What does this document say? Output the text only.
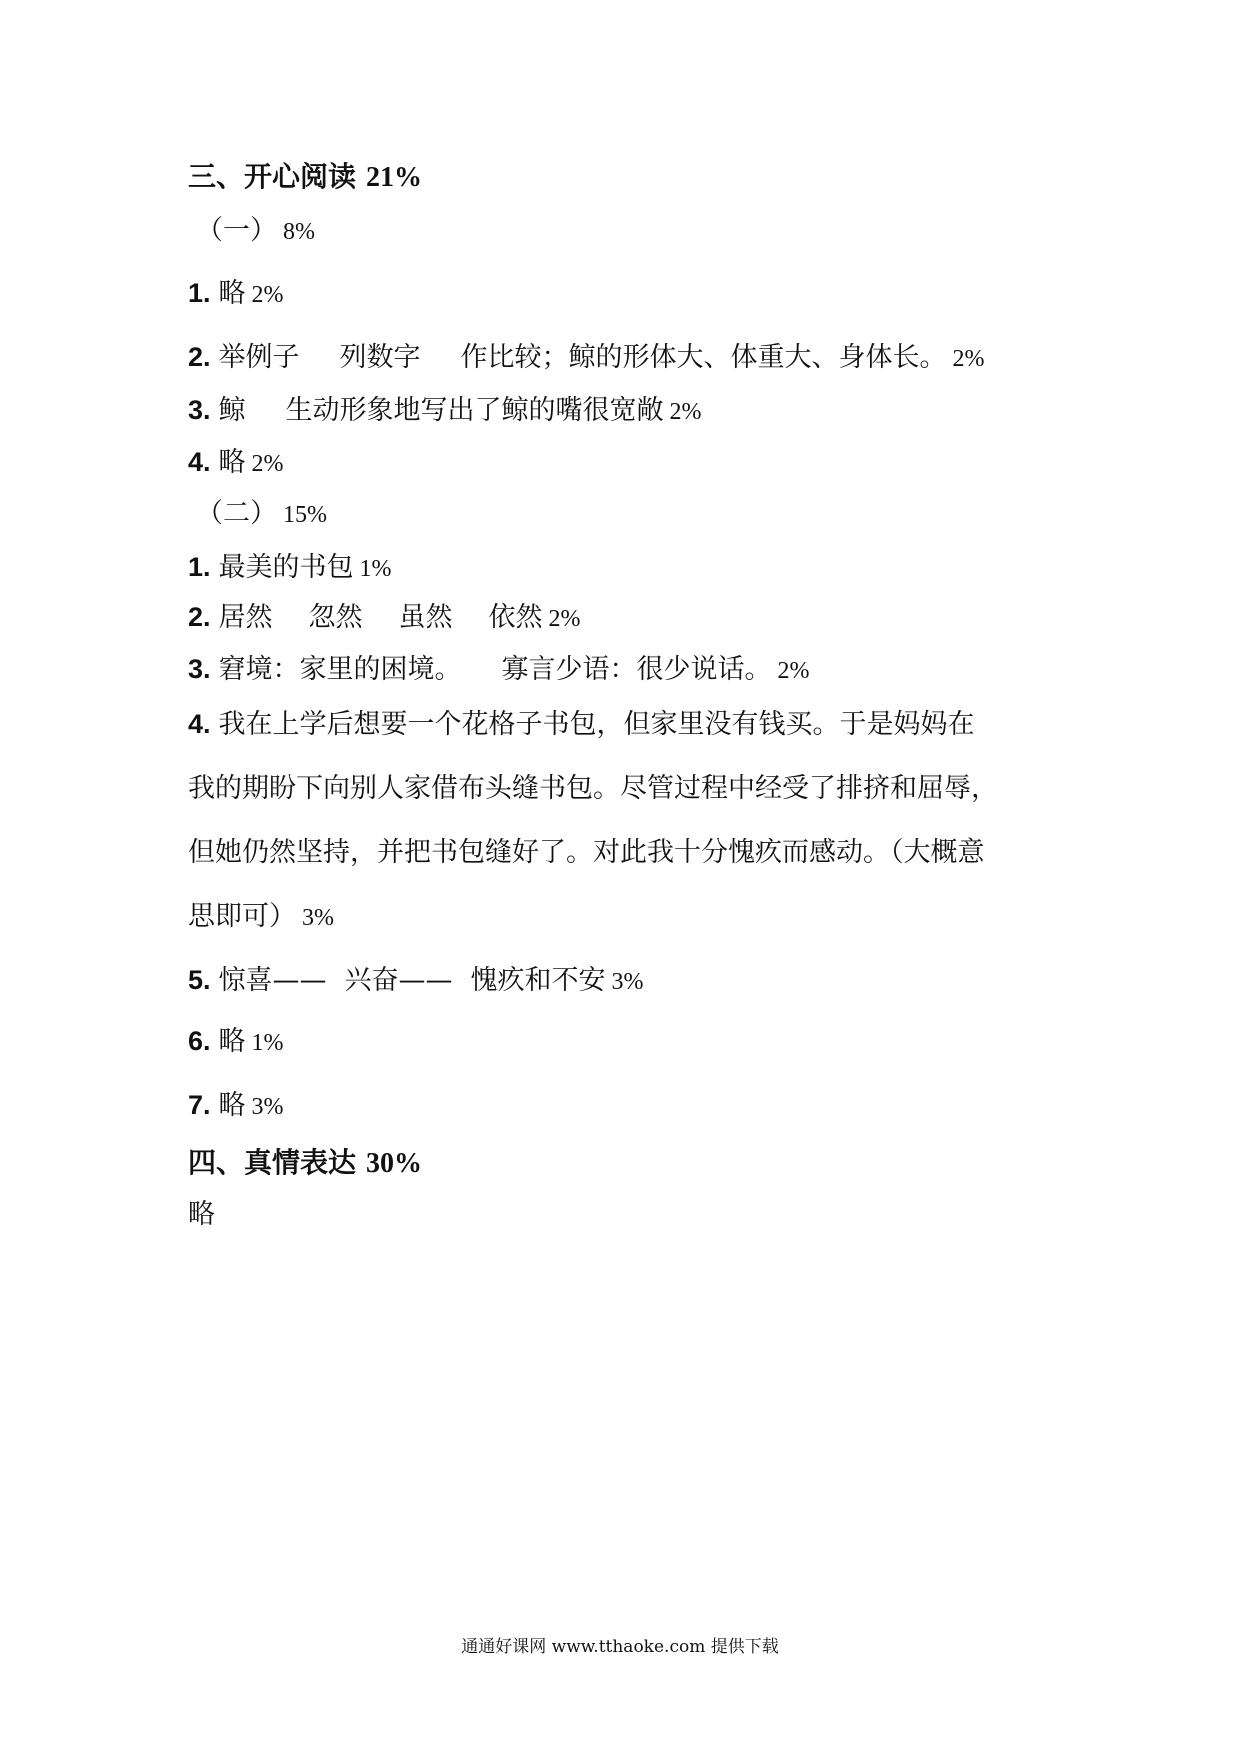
三、开心阅读 21%
（一） 8%
1. 略 2%
2. 举例子 列数字 作比较；鲸的形体大、体重大、身体长。 2%
3. 鲸 生动形象地写出了鲸的嘴很宽敞 2%
4. 略 2%
（二） 15%
1. 最美的书包 1%
2. 居然 忽然 虽然 依然 2%
3. 窘境：家里的困境。 寡言少语：很少说话。 2%
4. 我在上学后想要一个花格子书包，但家里没有钱买。于是妈妈在
我的期盼下向别人家借布头缝书包。尽管过程中经受了排挤和屈辱，
但她仍然坚持，并把书包缝好了。对此我十分愧疚而感动。（大概意
思即可） 3%
5. 惊喜—— 兴奋—— 愧疚和不安 3%
6. 略 1%
7. 略 3%
四、真情表达 30%
略
通通好课网 www.tthaoke.com 提供下载
